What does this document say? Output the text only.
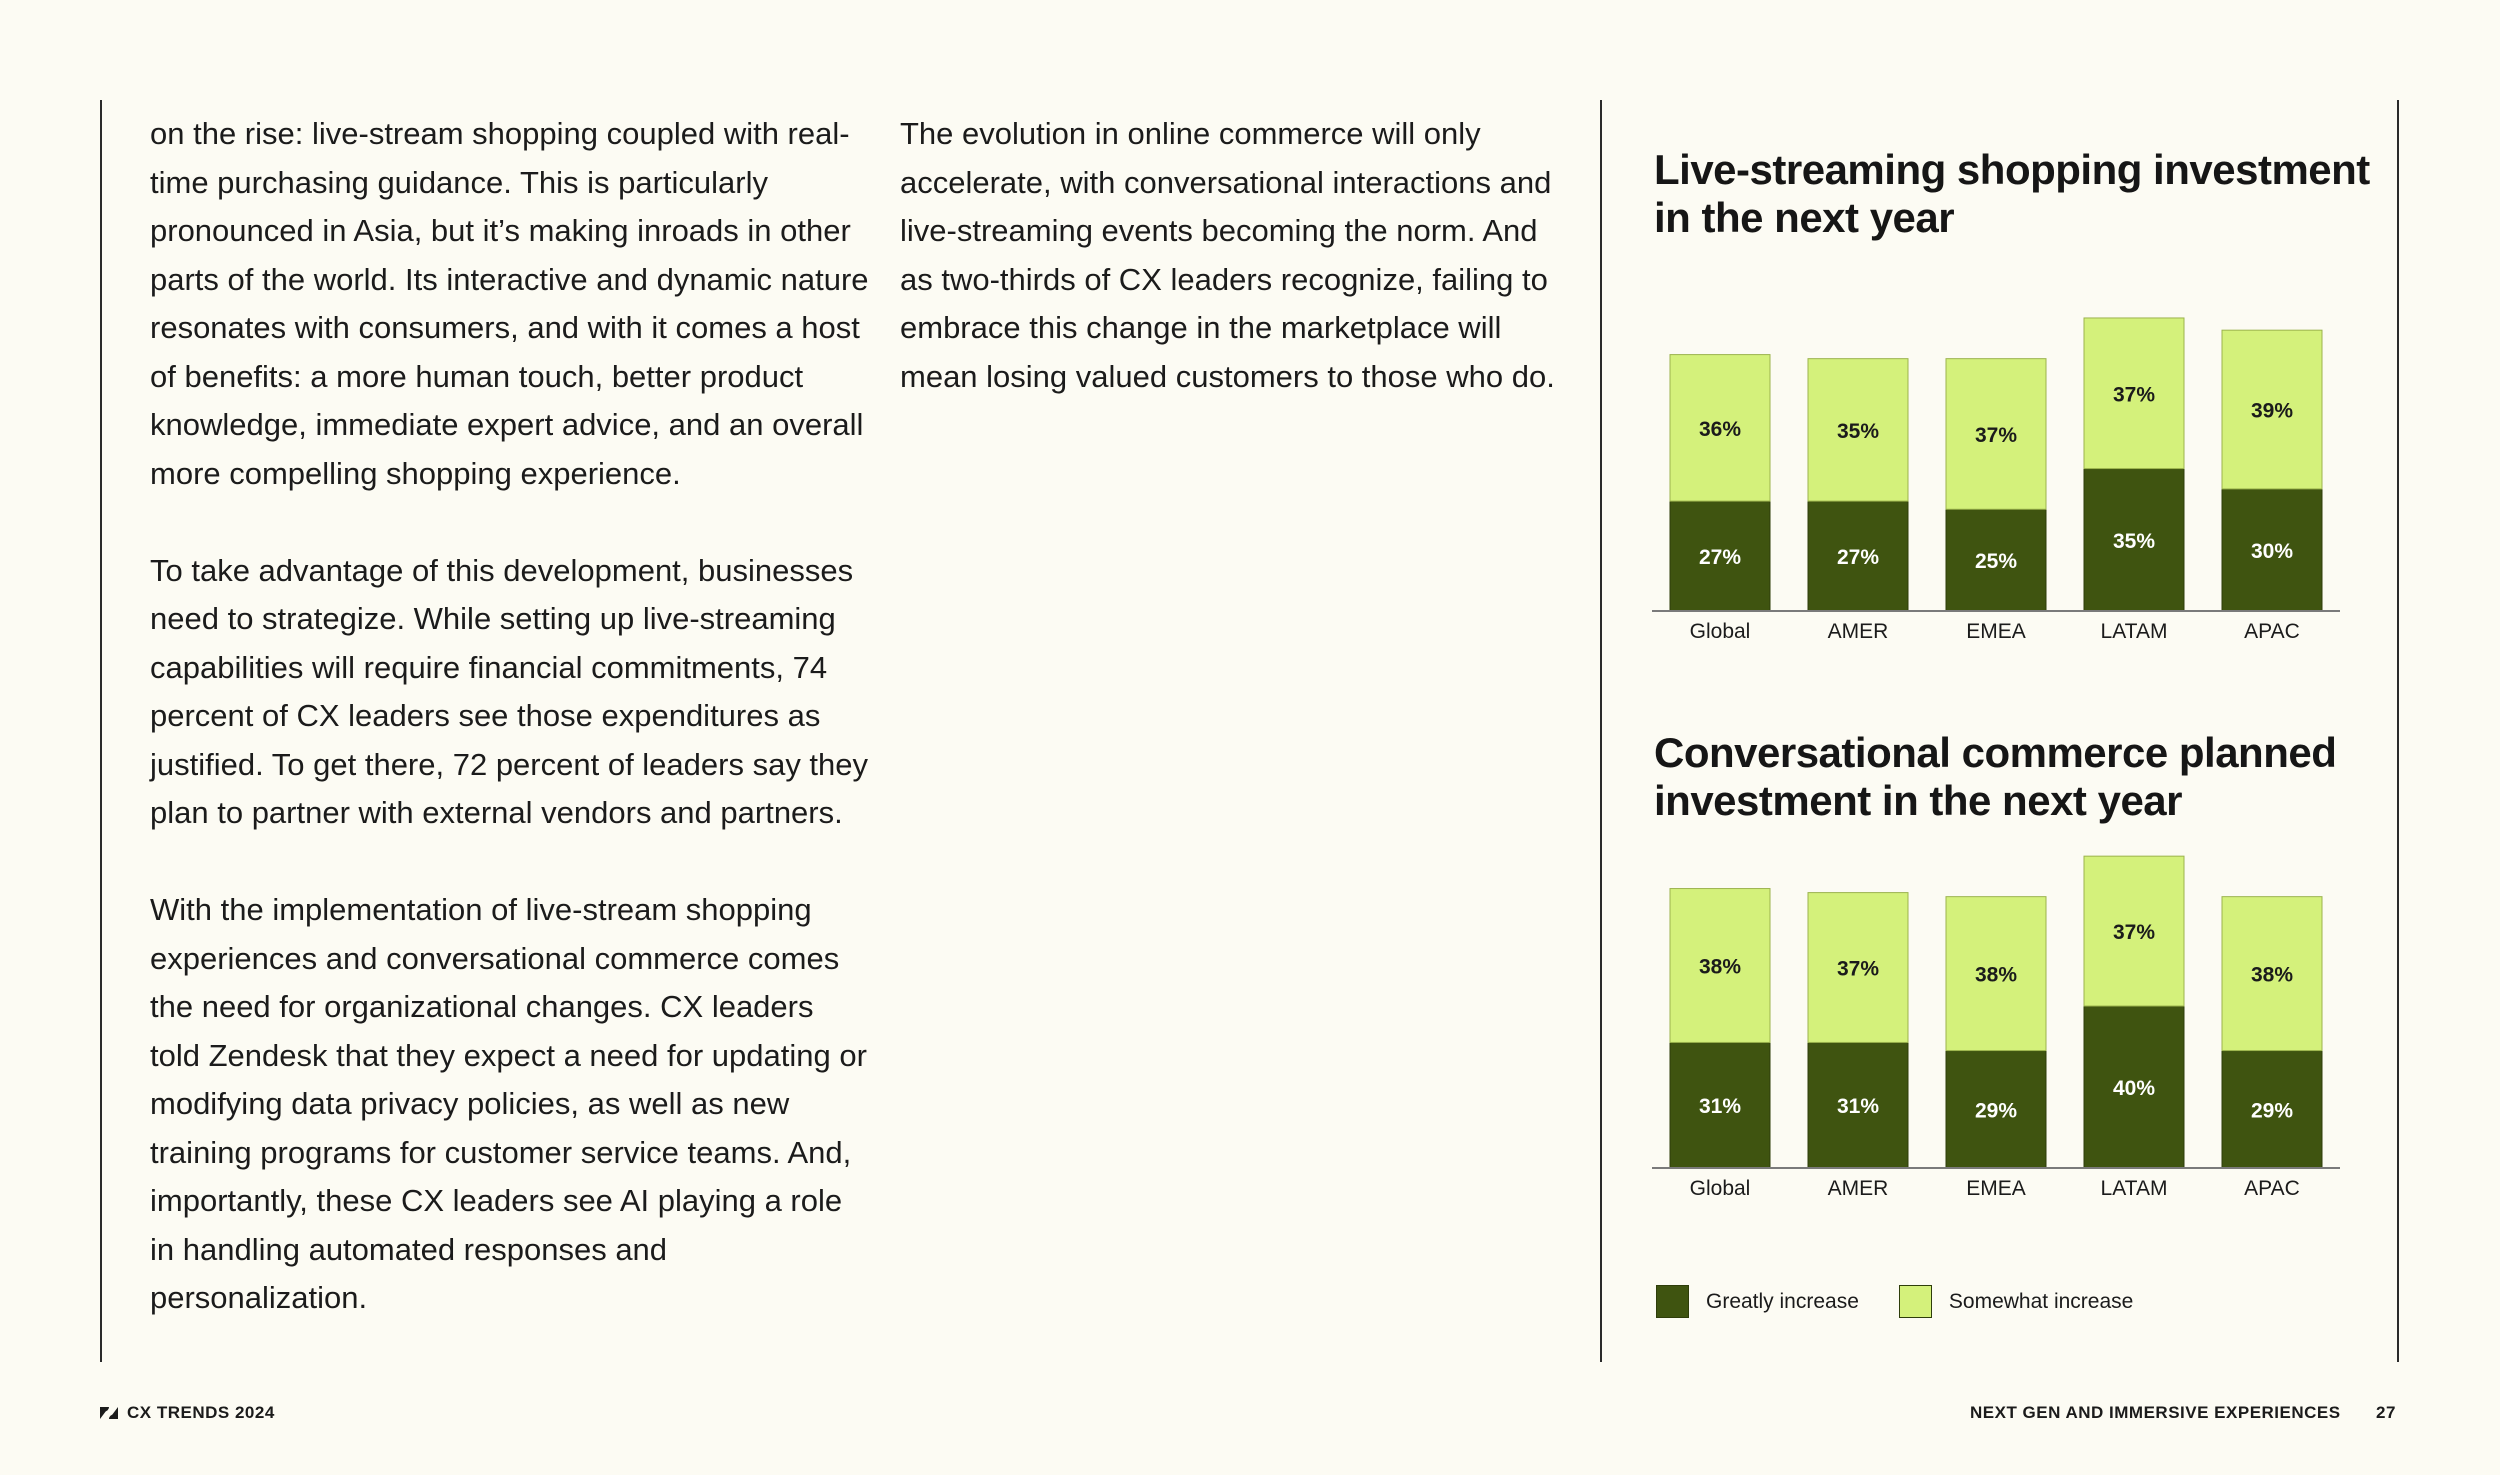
on the rise: live-stream shopping coupled with real-time purchasing guidance. This is particularly pronounced in Asia, but it’s making inroads in other parts of the world. Its interactive and dynamic nature resonates with consumers, and with it comes a host of benefits: a more human touch, better product knowledge, immediate expert advice, and an overall more compelling shopping experience.

To take advantage of this development, businesses need to strategize. While setting up live-streaming capabilities will require financial commitments, 74 percent of CX leaders see those expenditures as justified. To get there, 72 percent of leaders say they plan to partner with external vendors and partners.

With the implementation of live-stream shopping experiences and conversational commerce comes the need for organizational changes. CX leaders told Zendesk that they expect a need for updating or modifying data privacy policies, as well as new training programs for customer service teams. And, importantly, these CX leaders see AI playing a role in handling automated responses and personalization.

The evolution in online commerce will only accelerate, with conversational interactions and live-streaming events becoming the norm. And as two-thirds of CX leaders recognize, failing to embrace this change in the marketplace will mean losing valued customers to those who do.

Live-streaming shopping investment in the next year
27%
36%
Global
27%
35%
AMER
25%
37%
EMEA
35%
37%
LATAM
30%
39%
APAC
Conversational commerce planned investment in the next year
31%
38%
Global
31%
37%
AMER
29%
38%
EMEA
40%
37%
LATAM
29%
38%
APAC
Greatly increase	Somewhat increase
CX TRENDS 2024	NEXT GEN AND IMMERSIVE EXPERIENCES 27
